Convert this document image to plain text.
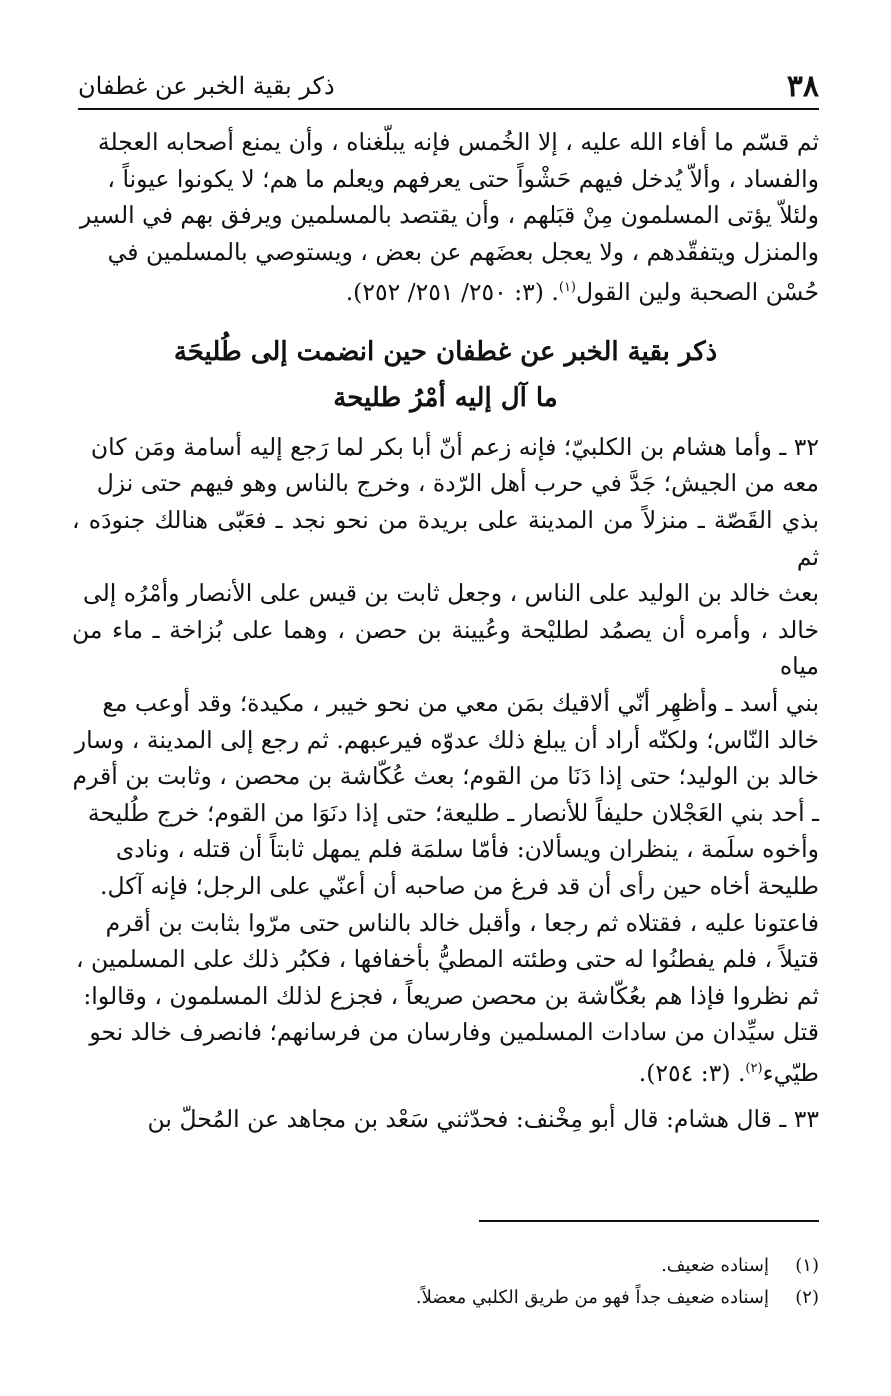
٣٨
ذكر بقية الخبر عن غطفان

ثم قسّم ما أفاء الله عليه ، إلا الخُمس فإنه يبلّغناه ، وأن يمنع أصحابه العجلة

والفساد ، وألاّ يُدخل فيهم حَشْواً حتى يعرفهم ويعلم ما هم؛ لا يكونوا عيوناً ،

ولئلاّ يؤتى المسلمون مِنْ قبَلهم ، وأن يقتصد بالمسلمين ويرفق بهم في السير

والمنزل ويتفقّدهم ، ولا يعجل بعضَهم عن بعض ، ويستوصي بالمسلمين في

حُسْن الصحبة ولين القول$^{(١)}$. (٣: ٢٥٠/ ٢٥١/ ٢٥٢).

ذكر بقية الخبر عن غطفان حين انضمت إلى طُليحَة
ما آل إليه أمْرُ طليحة

٣٢ ـ وأما هشام بن الكلبيّ؛ فإنه زعم أنّ أبا بكر لما رَجع إليه أسامة ومَن كان

معه من الجيش؛ جَدَّ في حرب أهل الرّدة ، وخرج بالناس وهو فيهم حتى نزل

بذي القَصّة ـ منزلاً من المدينة على بريدة من نحو نجد ـ فعَبّى هنالك جنودَه ، ثم

بعث خالد بن الوليد على الناس ، وجعل ثابت بن قيس على الأنصار وأمْرُه إلى

خالد ، وأمره أن يصمُد لطليْحة وعُيينة بن حصن ، وهما على بُزاخة ـ ماء من مياه

بني أسد ـ وأظهِر أنّي ألاقيك بمَن معي من نحو خيبر ، مكيدة؛ وقد أوعب مع

خالد النّاس؛ ولكنّه أراد أن يبلغ ذلك عدوّه فيرعبهم. ثم رجع إلى المدينة ، وسار

خالد بن الوليد؛ حتى إذا دَنَا من القوم؛ بعث عُكّاشة بن محصن ، وثابت بن أقرم

ـ أحد بني العَجْلان حليفاً للأنصار ـ طليعة؛ حتى إذا دنَوَا من القوم؛ خرج طُليحة

وأخوه سلَمة ، ينظران ويسألان: فأمّا سلمَة فلم يمهل ثابتاً أن قتله ، ونادى

طليحة أخاه حين رأى أن قد فرغ من صاحبه أن أعنّي على الرجل؛ فإنه آكل.

فاعتونا عليه ، فقتلاه ثم رجعا ، وأقبل خالد بالناس حتى مرّوا بثابت بن أقرم

قتيلاً ، فلم يفطنُوا له حتى وطئته المطيُّ بأخفافها ، فكبُر ذلك على المسلمين ،

ثم نظروا فإذا هم بعُكّاشة بن محصن صريعاً ، فجزع لذلك المسلمون ، وقالوا:

قتل سيِّدان من سادات المسلمين وفارسان من فرسانهم؛ فانصرف خالد نحو

طيّيء$^{(٢)}$. (٣: ٢٥٤).

٣٣ ـ قال هشام: قال أبو مِخْنف: فحدّثني سَعْد بن مجاهد عن المُحلّ بن

(١)
إسناده ضعيف.
(٢)
إسناده ضعيف جداً فهو من طريق الكلبي معضلاً.
